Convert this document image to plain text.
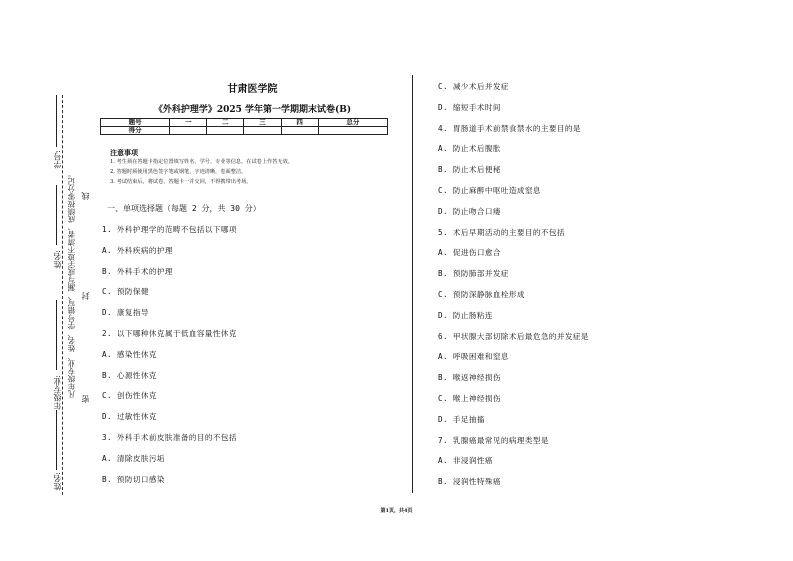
学号:
姓名:
年级专业:
姓名:
凡年级专业、姓名、学号错写、漏写或字迹不清者，成绩按零分记。
密
封
线
甘肃医学院
《外科护理学》2025 学年第一学期期末试卷(B)
题号	一	二	三	四	总分
得分					
注意事项
1. 考生须在答题卡指定位置填写姓名、学号、专业等信息，在试卷上作答无效。
2. 答题时须使用黑色签字笔或钢笔，字迹清晰，卷面整洁。
3. 考试结束后，将试卷、答题卡一并交回，不得携带出考场。
一、单项选择题（每题 2 分，共 30 分）
1. 外科护理学的范畴不包括以下哪项
A. 外科疾病的护理
B. 外科手术的护理
C. 预防保健
D. 康复指导
2. 以下哪种休克属于低血容量性休克
A. 感染性休克
B. 心源性休克
C. 创伤性休克
D. 过敏性休克
3. 外科手术前皮肤准备的目的不包括
A. 清除皮肤污垢
B. 预防切口感染
C. 减少术后并发症
D. 缩短手术时间
4. 胃肠道手术前禁食禁水的主要目的是
A. 防止术后腹胀
B. 防止术后便秘
C. 防止麻醉中呕吐造成窒息
D. 防止吻合口瘘
5. 术后早期活动的主要目的不包括
A. 促进伤口愈合
B. 预防肺部并发症
C. 预防深静脉血栓形成
D. 防止肠粘连
6. 甲状腺大部切除术后最危急的并发症是
A. 呼吸困难和窒息
B. 喉返神经损伤
C. 喉上神经损伤
D. 手足抽搐
7. 乳腺癌最常见的病理类型是
A. 非浸润性癌
B. 浸润性特殊癌
第1页，共4页
